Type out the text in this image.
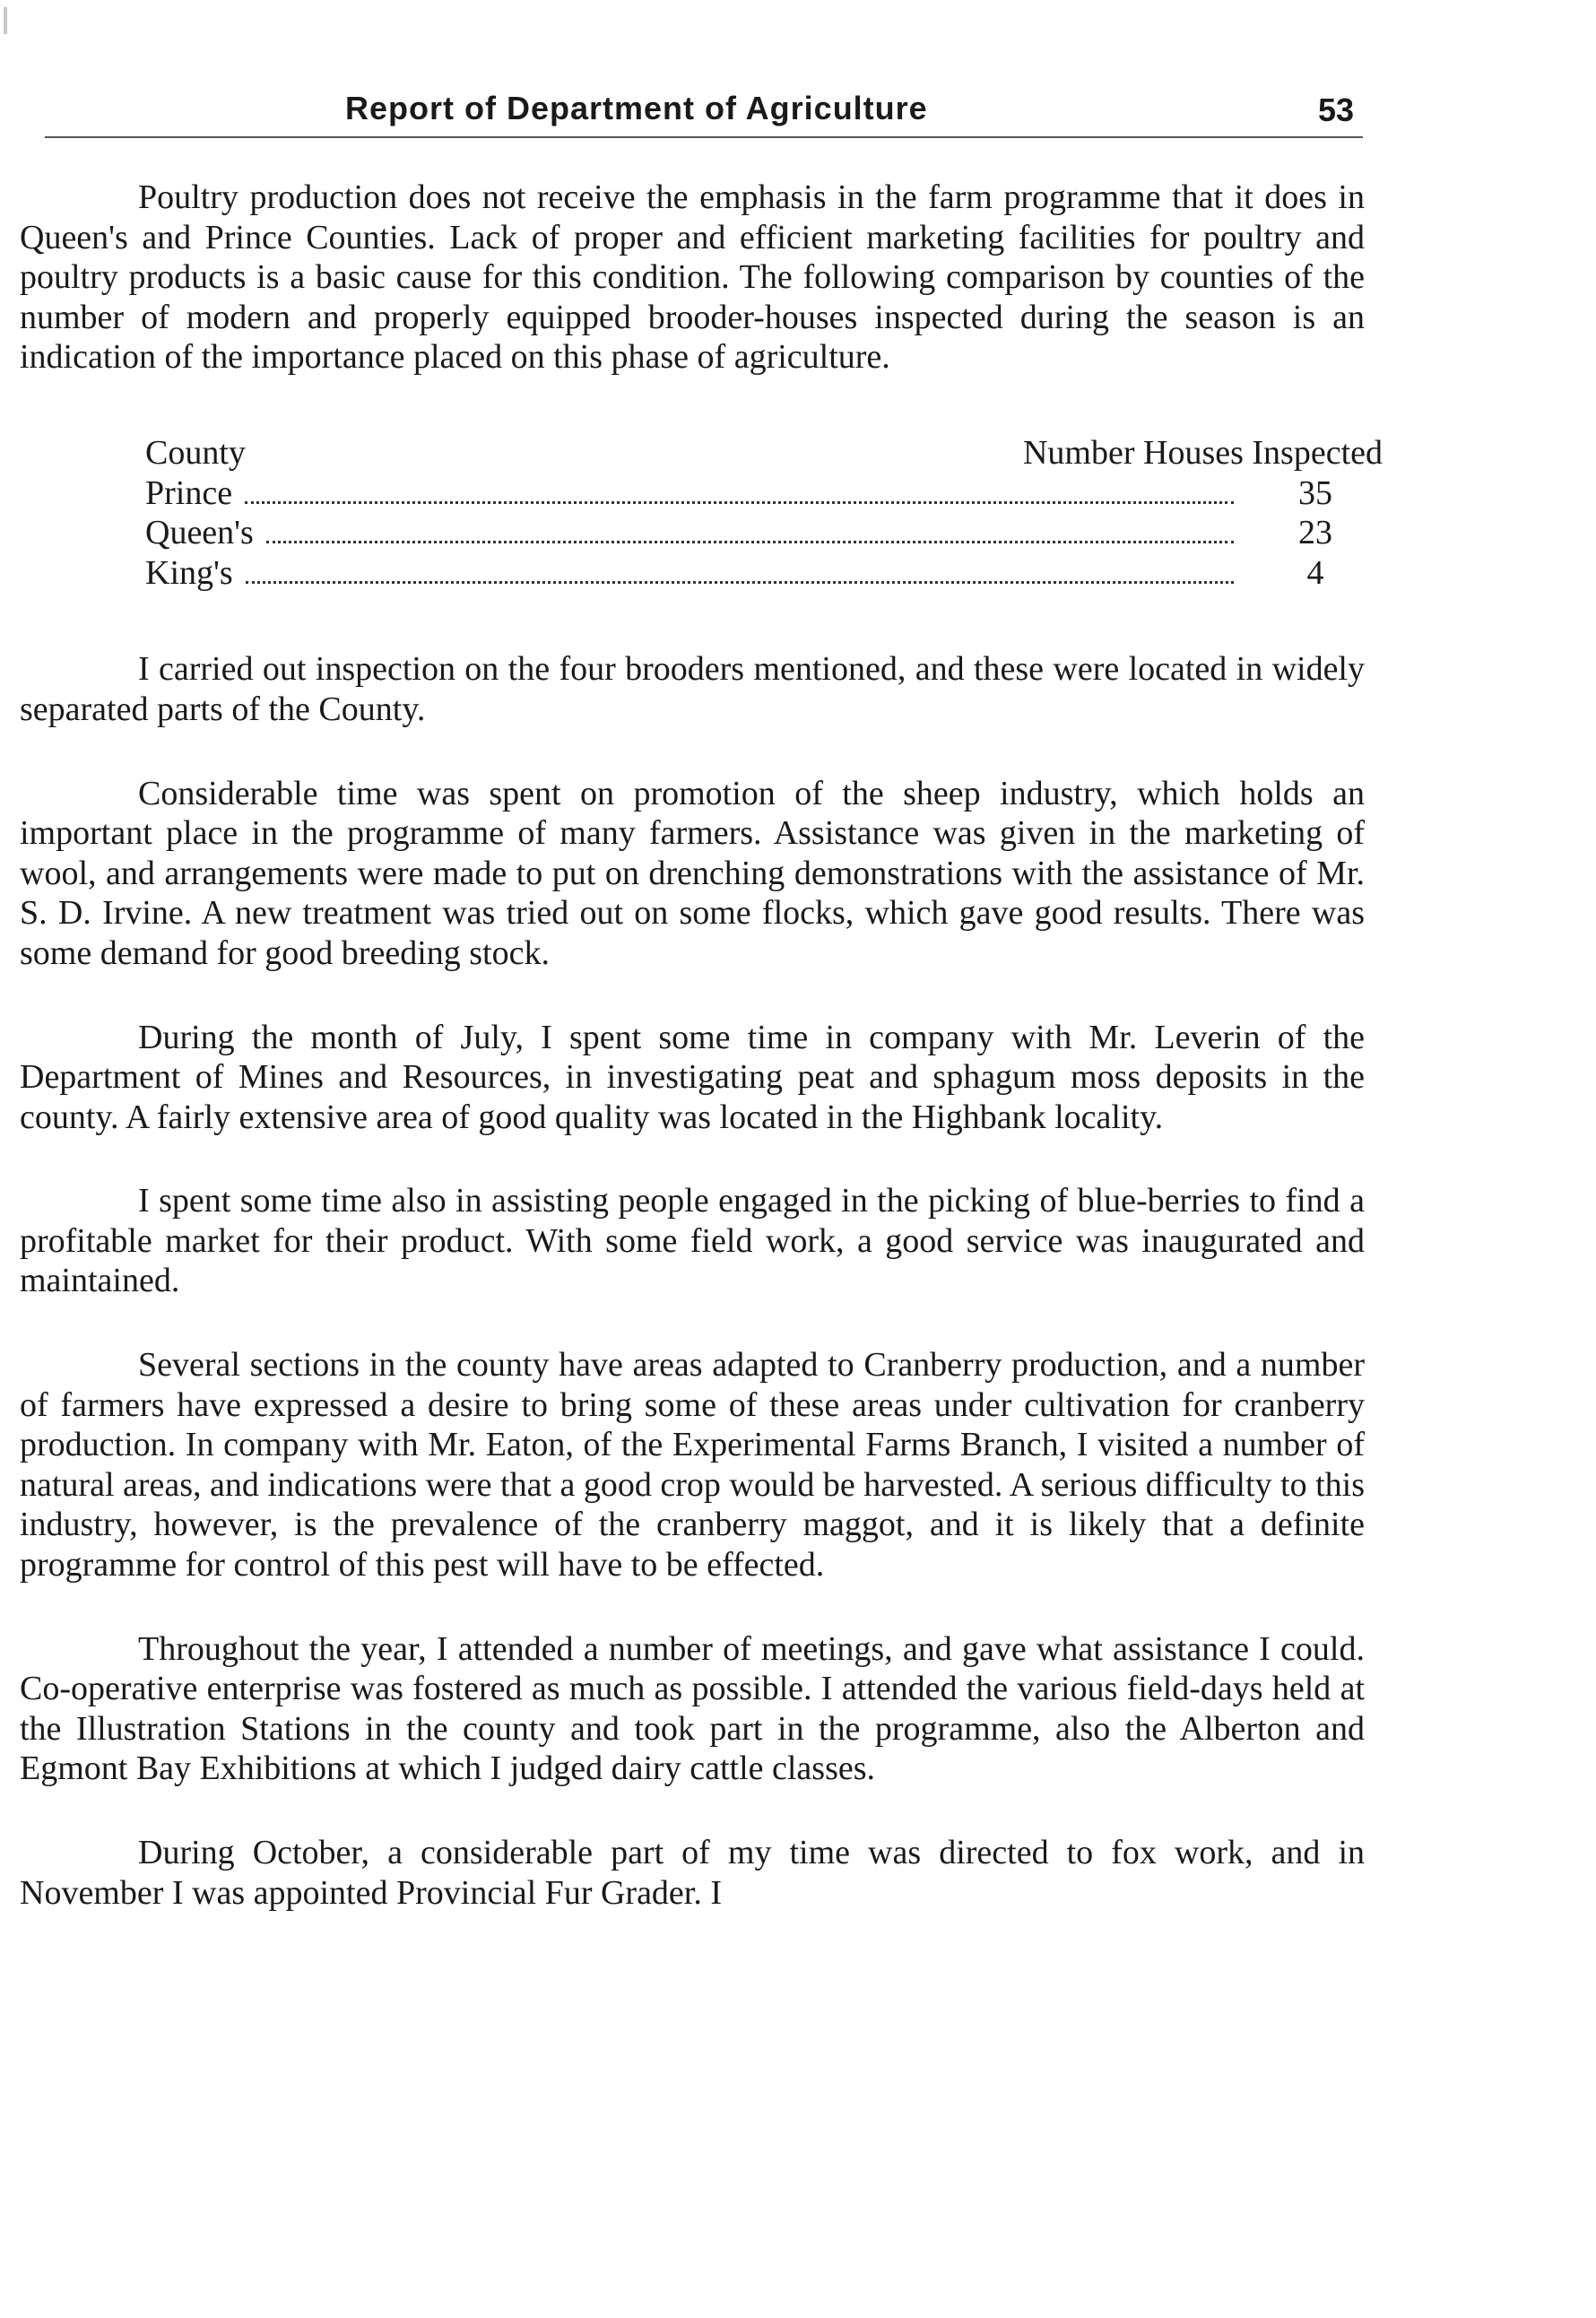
Report of Department of Agriculture	53

Poultry production does not receive the emphasis in the farm programme that it does in Queen's and Prince Counties. Lack of proper and efficient marketing facilities for poultry and poultry products is a basic cause for this condition. The following comparison by counties of the number of modern and properly equipped brooder-houses inspected during the season is an indication of the importance placed on this phase of agriculture.

County	Number Houses Inspected
Prince	35
Queen's	23
King's	4

I carried out inspection on the four brooders mentioned, and these were located in widely separated parts of the County.

Considerable time was spent on promotion of the sheep industry, which holds an important place in the programme of many farmers. Assistance was given in the marketing of wool, and arrangements were made to put on drenching demonstrations with the assistance of Mr. S. D. Irvine. A new treatment was tried out on some flocks, which gave good results. There was some demand for good breeding stock.

During the month of July, I spent some time in company with Mr. Leverin of the Department of Mines and Resources, in investigating peat and sphagum moss deposits in the county. A fairly extensive area of good quality was located in the Highbank locality.

I spent some time also in assisting people engaged in the picking of blue-berries to find a profitable market for their product. With some field work, a good service was inaugurated and maintained.

Several sections in the county have areas adapted to Cranberry production, and a number of farmers have expressed a desire to bring some of these areas under cultivation for cranberry production. In company with Mr. Eaton, of the Experimental Farms Branch, I visited a number of natural areas, and indications were that a good crop would be harvested. A serious difficulty to this industry, however, is the prevalence of the cranberry maggot, and it is likely that a definite programme for control of this pest will have to be effected.

Throughout the year, I attended a number of meetings, and gave what assistance I could. Co-operative enterprise was fostered as much as possible. I attended the various field-days held at the Illustration Stations in the county and took part in the programme, also the Alberton and Egmont Bay Exhibitions at which I judged dairy cattle classes.

During October, a considerable part of my time was directed to fox work, and in November I was appointed Provincial Fur Grader. I
